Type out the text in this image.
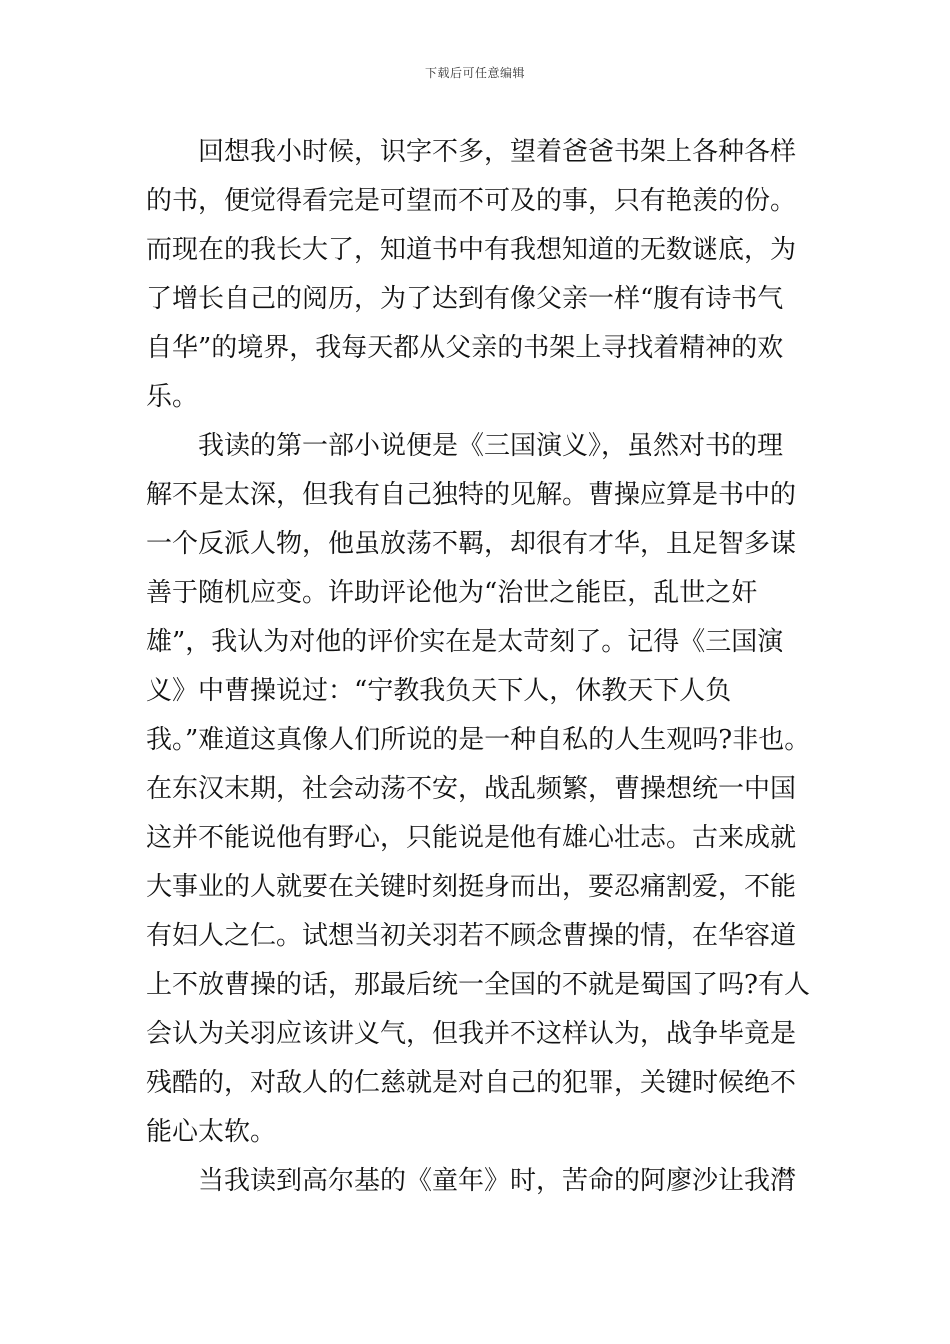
下载后可任意编辑
回想我小时候，识字不多，望着爸爸书架上各种各样
的书，便觉得看完是可望而不可及的事，只有艳羡的份。
而现在的我长大了，知道书中有我想知道的无数谜底，为
了增长自己的阅历，为了达到有像父亲一样“腹有诗书气
自华”的境界，我每天都从父亲的书架上寻找着精神的欢
乐。
我读的第一部小说便是《三国演义》，虽然对书的理
解不是太深，但我有自己独特的见解。曹操应算是书中的
一个反派人物，他虽放荡不羁，却很有才华，且足智多谋
善于随机应变。许助评论他为“治世之能臣，乱世之奸
雄”，我认为对他的评价实在是太苛刻了。记得《三国演
义》中曹操说过：“宁教我负天下人，休教天下人负
我。”难道这真像人们所说的是一种自私的人生观吗?非也。
在东汉末期，社会动荡不安，战乱频繁，曹操想统一中国
这并不能说他有野心，只能说是他有雄心壮志。古来成就
大事业的人就要在关键时刻挺身而出，要忍痛割爱，不能
有妇人之仁。试想当初关羽若不顾念曹操的情，在华容道
上不放曹操的话，那最后统一全国的不就是蜀国了吗?有人
会认为关羽应该讲义气，但我并不这样认为，战争毕竟是
残酷的，对敌人的仁慈就是对自己的犯罪，关键时候绝不
能心太软。
当我读到高尔基的《童年》时，苦命的阿廖沙让我潸
